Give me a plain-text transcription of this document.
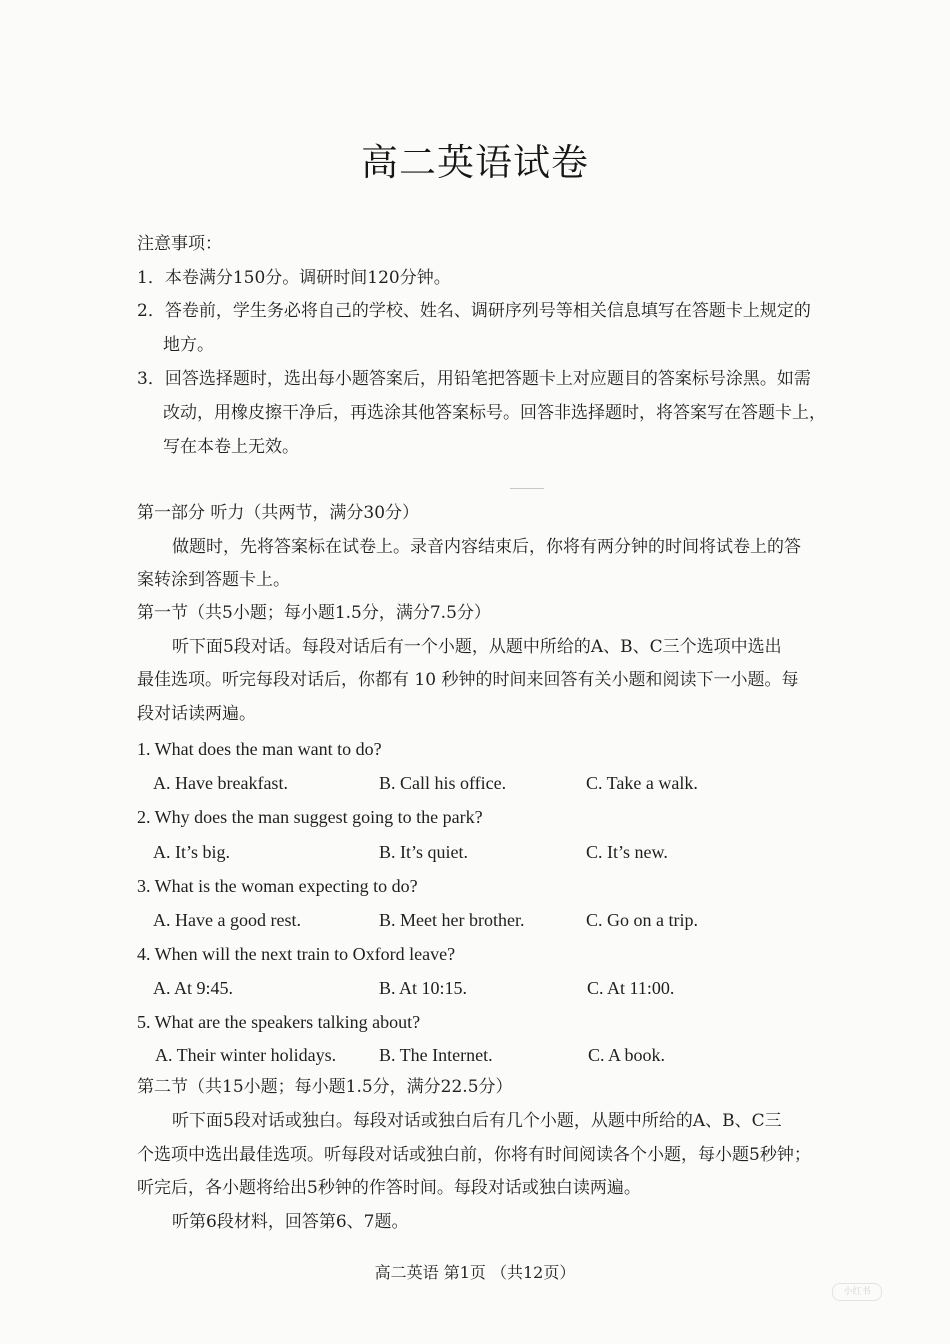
高二英语试卷
注意事项：
1．本卷满分150分。调研时间120分钟。
2．答卷前，学生务必将自己的学校、姓名、调研序列号等相关信息填写在答题卡上规定的
地方。
3．回答选择题时，选出每小题答案后，用铅笔把答题卡上对应题目的答案标号涂黑。如需
改动，用橡皮擦干净后，再选涂其他答案标号。回答非选择题时，将答案写在答题卡上，
写在本卷上无效。
第一部分 听力（共两节，满分30分）
做题时，先将答案标在试卷上。录音内容结束后，你将有两分钟的时间将试卷上的答
案转涂到答题卡上。
第一节（共5小题；每小题1.5分，满分7.5分）
听下面5段对话。每段对话后有一个小题，从题中所给的A、B、C三个选项中选出
最佳选项。听完每段对话后，你都有 10 秒钟的时间来回答有关小题和阅读下一小题。每
段对话读两遍。
1. What does the man want to do?
A. Have breakfast.	B. Call his office.	C. Take a walk.
2. Why does the man suggest going to the park?
A. It’s big.	B. It’s quiet.	C. It’s new.
3. What is the woman expecting to do?
A. Have a good rest.	B. Meet her brother.	C. Go on a trip.
4. When will the next train to Oxford leave?
A. At 9:45.	B. At 10:15.	C. At 11:00.
5. What are the speakers talking about?
A. Their winter holidays. B. The Internet.	C. A book.
第二节（共15小题；每小题1.5分，满分22.5分）
听下面5段对话或独白。每段对话或独白后有几个小题，从题中所给的A、B、C三
个选项中选出最佳选项。听每段对话或独白前，你将有时间阅读各个小题，每小题5秒钟；
听完后，各小题将给出5秒钟的作答时间。每段对话或独白读两遍。
听第6段材料，回答第6、7题。
高二英语 第1页 （共12页）
小红书
